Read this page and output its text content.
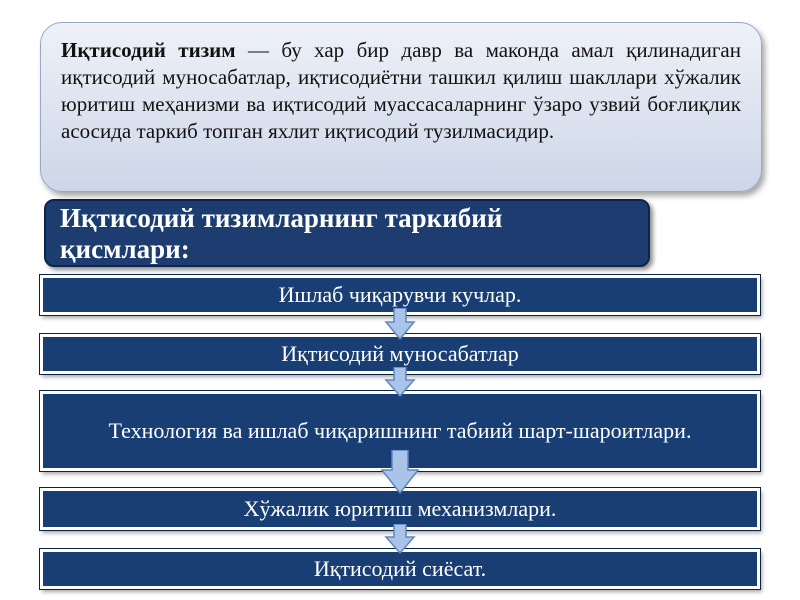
Иқтисодий тизим — бу хар бир давр ва маконда амал қилинадиган иқтисодий муносабатлар, иқтисодиётни ташкил қилиш шакллари хўжалик юритиш меҳанизми ва иқтисодий муассасаларнинг ўзаро узвий боғлиқлик асосида таркиб топган яхлит иқтисодий тузилмасидир.
Иқтисодий тизимларнинг таркибий қисмлари:
Ишлаб чиқарувчи кучлар.
Иқтисодий муносабатлар
Технология ва ишлаб чиқаришнинг табиий шарт-шароитлари.
Хўжалик юритиш механизмлари.
Иқтисодий сиёсат.
